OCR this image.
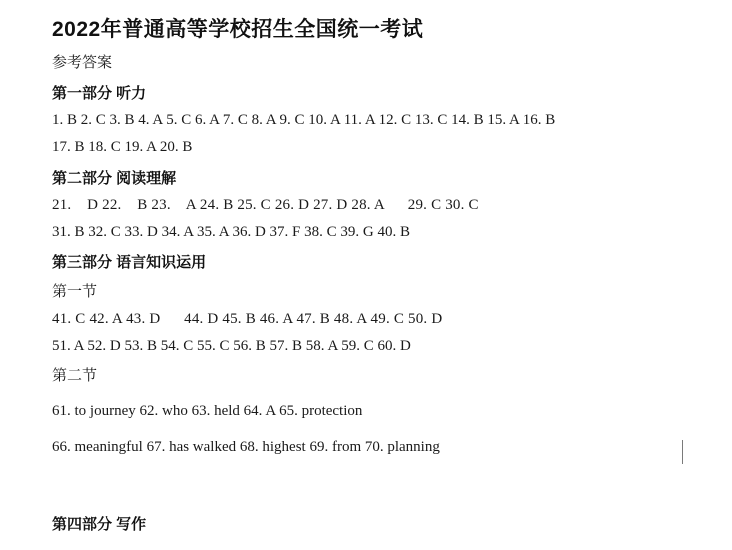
2022年普通高等学校招生全国统一考试
参考答案
第一部分 听力
1. B 2. C 3. B 4. A 5. C 6. A 7. C 8. A 9. C 10. A 11. A 12. C 13. C 14. B 15. A 16. B
17. B 18. C 19. A 20. B
第二部分 阅读理解
21.    D 22.    B 23.    A 24. B 25. C 26. D 27. D 28. A      29. C 30. C
31. B 32. C 33. D 34. A 35. A 36. D 37. F 38. C 39. G 40. B
第三部分 语言知识运用
第一节
41. C 42. A 43. D      44. D 45. B 46. A 47. B 48. A 49. C 50. D
51. A 52. D 53. B 54. C 55. C 56. B 57. B 58. A 59. C 60. D
第二节
61. to journey 62. who 63. held 64. A 65. protection
66. meaningful 67. has walked 68. highest 69. from 70. planning
第四部分 写作
